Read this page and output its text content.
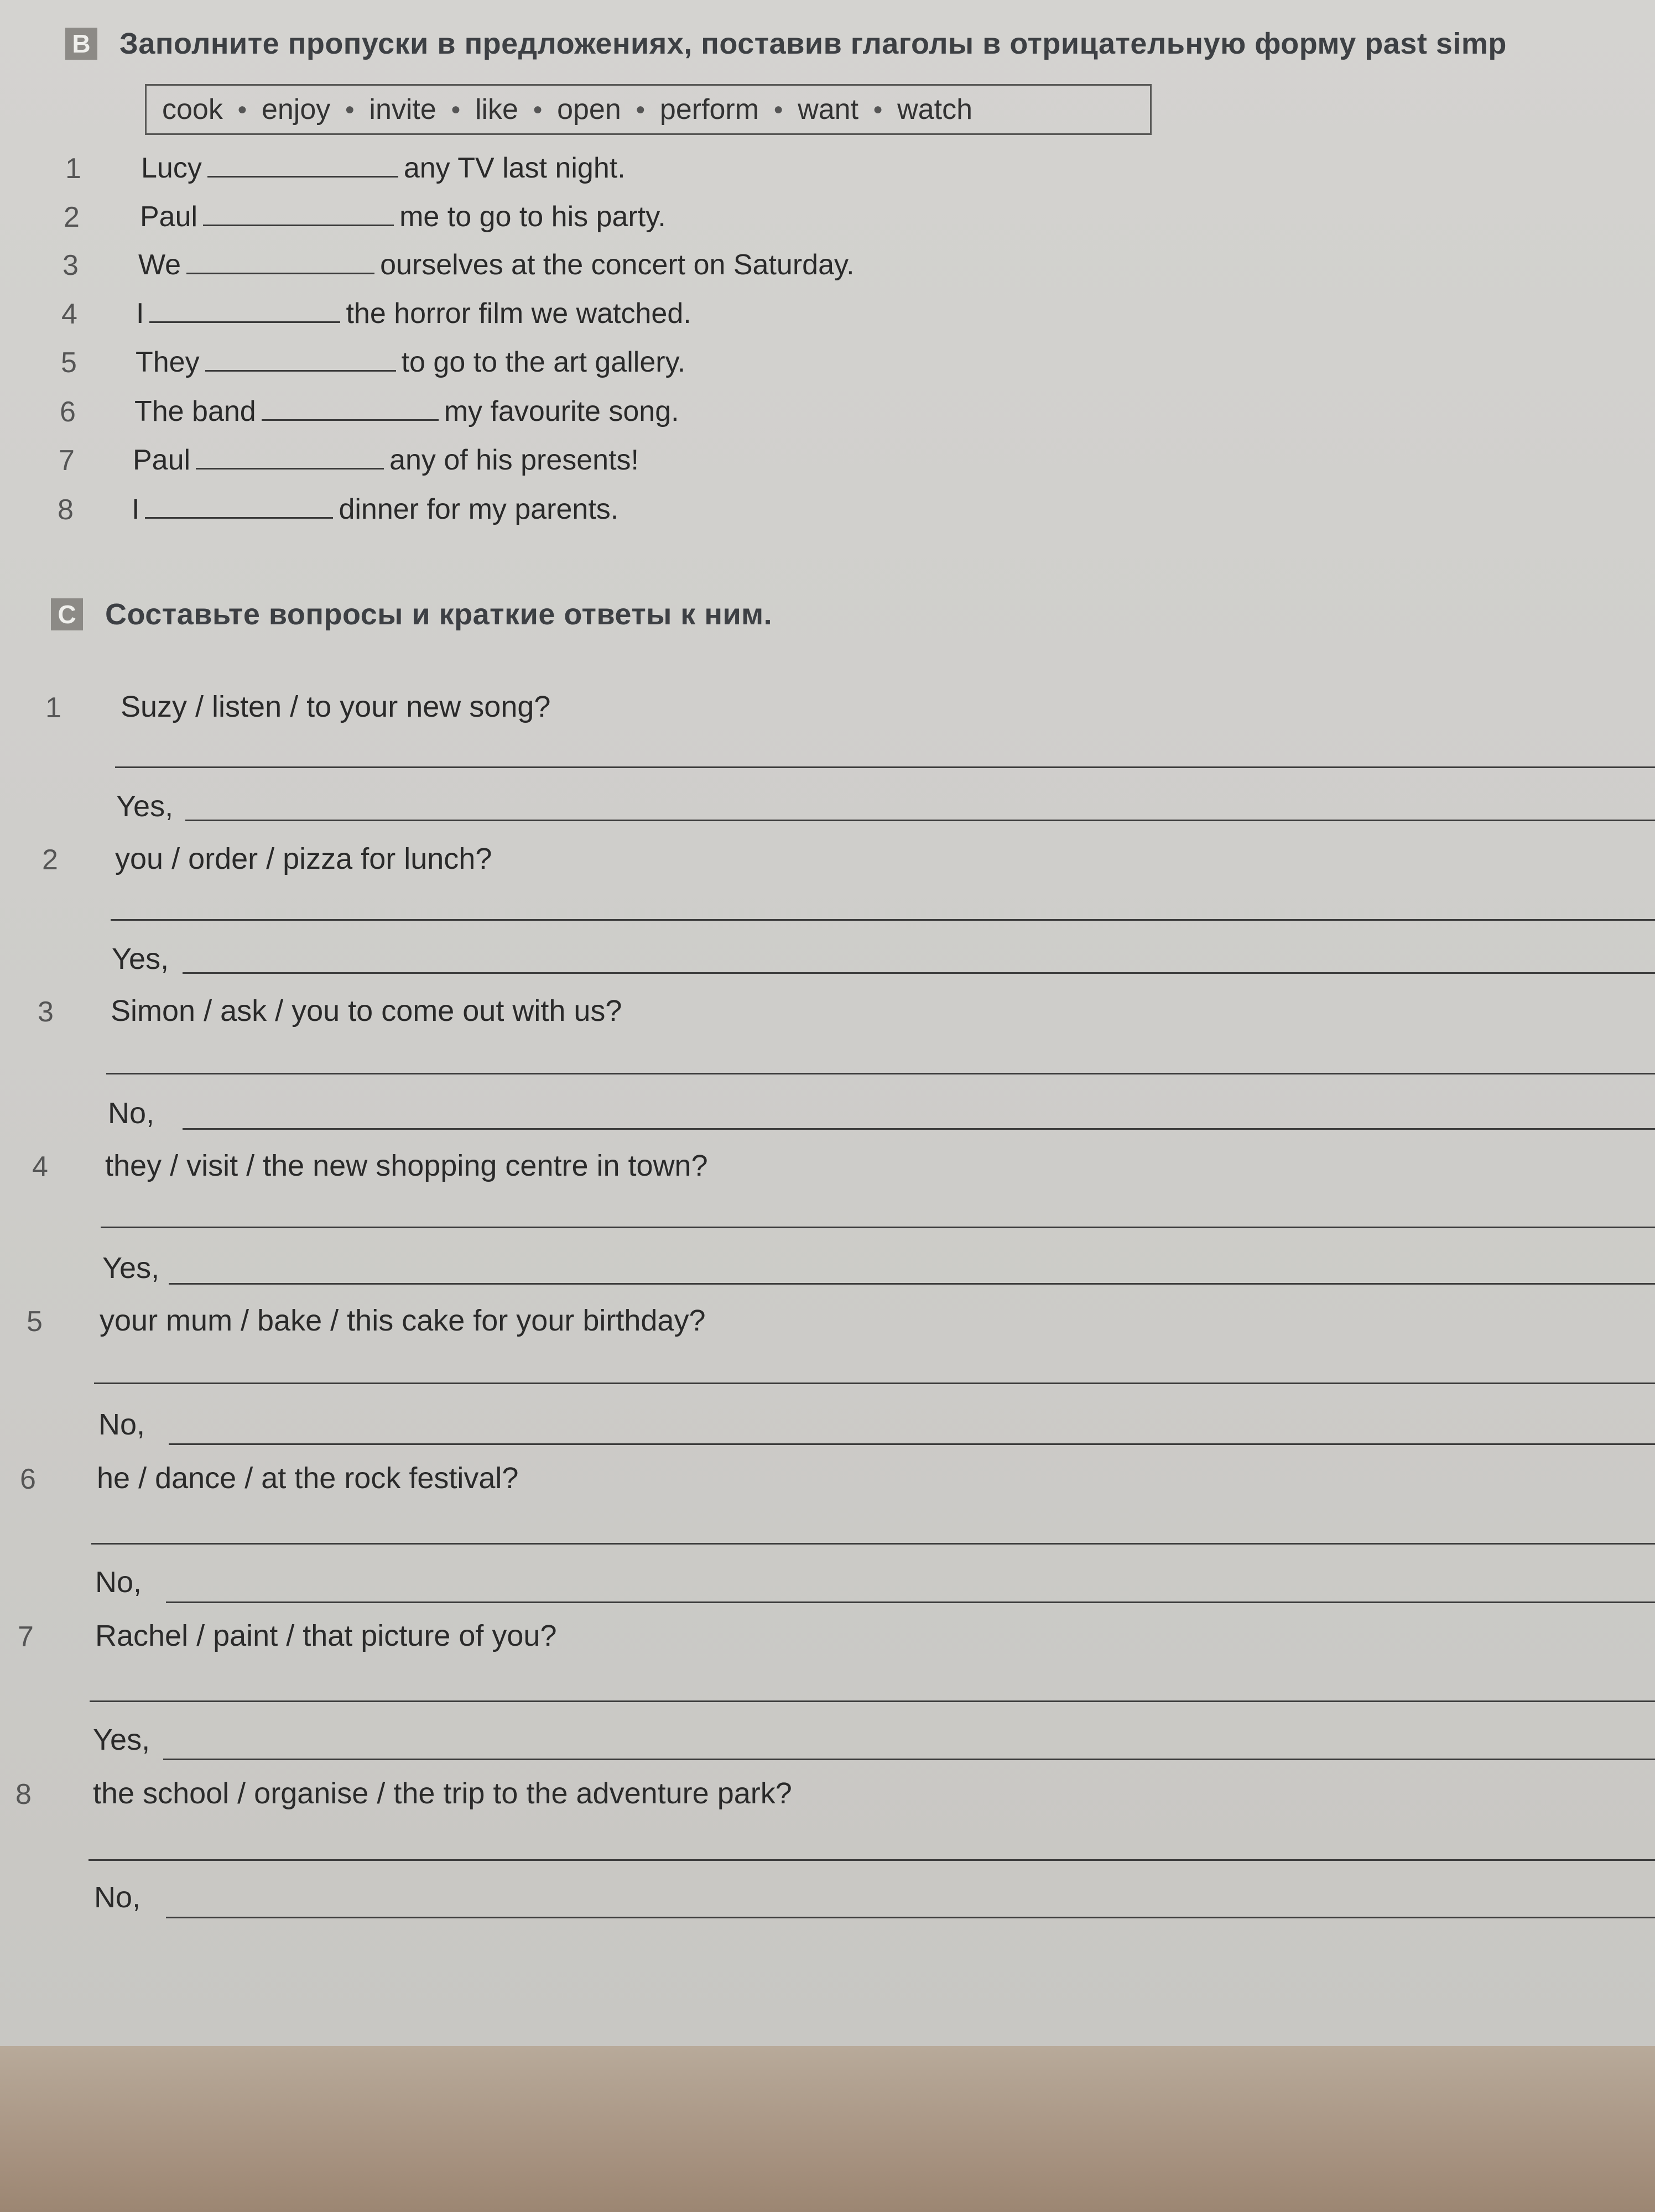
B Заполните пропуски в предложениях, поставив глаголы в отрицательную форму past simp
cook ● enjoy ● invite ● like ● open ● perform ● want ● watch
1 Lucy	any TV last night.
2 Paul	me to go to his party.
3 We	ourselves at the concert on Saturday.
4 I	the horror film we watched.
5 They	to go to the art gallery.
6 The band	my favourite song.
7 Paul	any of his presents!
8 I	dinner for my parents.
C Составьте вопросы и краткие ответы к ним.
1 Suzy / listen / to your new song?
Yes,
2 you / order / pizza for lunch?
Yes,
3 Simon / ask / you to come out with us?
No,
4 they / visit / the new shopping centre in town?
Yes,
5 your mum / bake / this cake for your birthday?
No,
6 he / dance / at the rock festival?
No,
7 Rachel / paint / that picture of you?
Yes,
8 the school / organise / the trip to the adventure park?
No,
